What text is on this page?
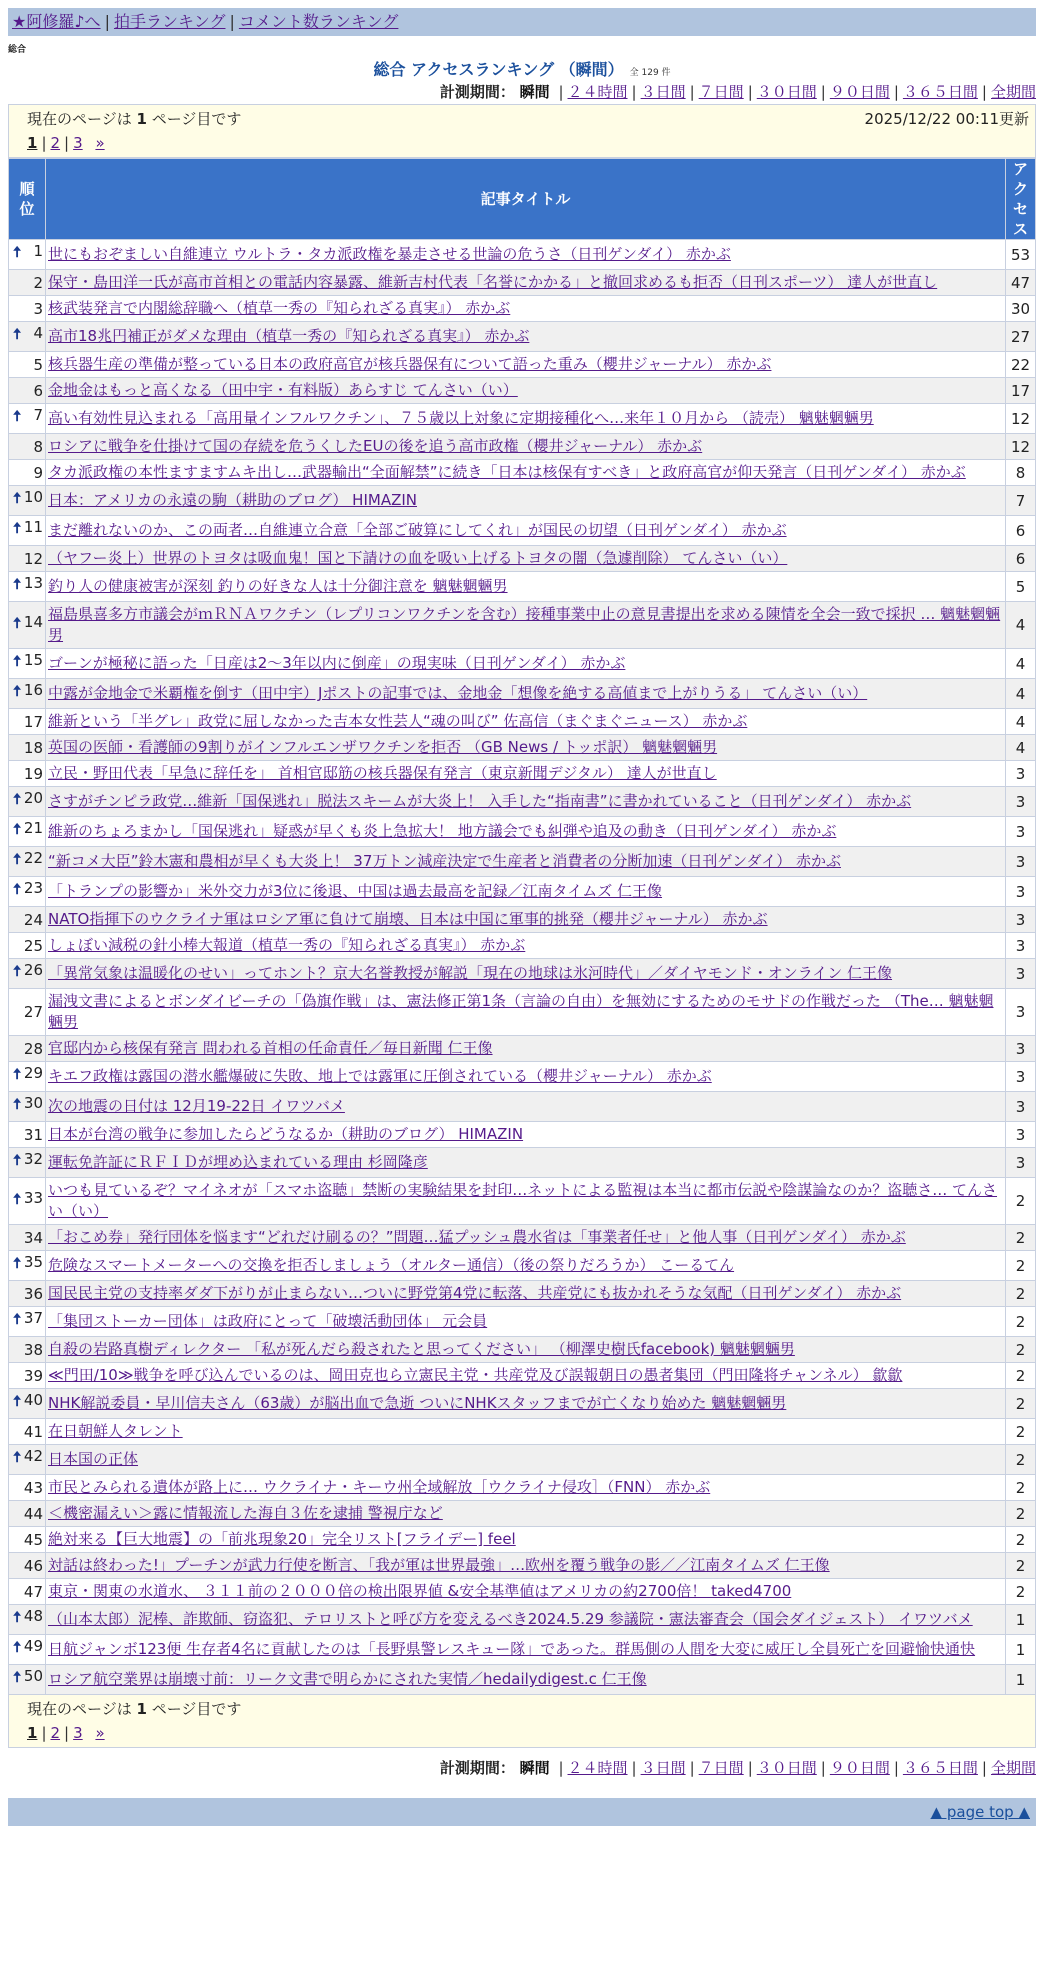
★阿修羅♪へ | 拍手ランキング | コメント数ランキング
総合
総合 アクセスランキング （瞬間） 全 129 件
計測期間： 瞬間 | ２４時間 | ３日間 | ７日間 | ３０日間 | ９０日間 | ３６５日間 | 全期間
現在のページは 1 ページ目です	2025/12/22 00:11更新
1 | 2 | 3 »
順位	記事タイトル	アクセス

🠅 1	世にもおぞましい自維連立 ウルトラ・タカ派政権を暴走させる世論の危うさ（日刊ゲンダイ） 赤かぶ	53
2	保守・島田洋一氏が高市首相との電話内容暴露、維新吉村代表「名誉にかかる」と撤回求めるも拒否（日刊スポーツ） 達人が世直し	47
3	核武装発言で内閣総辞職へ（植草一秀の『知られざる真実』） 赤かぶ	30

🠅 4	高市18兆円補正がダメな理由（植草一秀の『知られざる真実』） 赤かぶ	27
5	核兵器生産の準備が整っている日本の政府高官が核兵器保有について語った重み（櫻井ジャーナル） 赤かぶ	22
6	金地金はもっと高くなる（田中宇・有料版）あらすじ てんさい（い）	17

🠅 7	高い有効性見込まれる「高用量インフルワクチン」、７５歳以上対象に定期接種化へ…来年１０月から （読売） 魑魅魍魎男	12
8	ロシアに戦争を仕掛けて国の存続を危うくしたEUの後を追う高市政権（櫻井ジャーナル） 赤かぶ	12
9	タカ派政権の本性ますますムキ出し…武器輸出“全面解禁”に続き「日本は核保有すべき」と政府高官が仰天発言（日刊ゲンダイ） 赤かぶ	8

🠅 10	日本：アメリカの永遠の駒（耕助のブログ） HIMAZIN	7

🠅 11	まだ離れないのか、この両者…自維連立合意「全部ご破算にしてくれ」が国民の切望（日刊ゲンダイ） 赤かぶ	6
12	（ヤフー炎上）世界のトヨタは吸血鬼！国と下請けの血を吸い上げるトヨタの闇（急遽削除） てんさい（い）	6

🠅 13	釣り人の健康被害が深刻 釣りの好きな人は十分御注意を 魑魅魍魎男	5

🠅 14	福島県喜多方市議会がｍＲＮＡワクチン（レプリコンワクチンを含む）接種事業中止の意見書提出を求める陳情を全会一致で採択 … 魑魅魍魎男	4

🠅 15	ゴーンが極秘に語った「日産は2～3年以内に倒産」の現実味（日刊ゲンダイ） 赤かぶ	4

🠅 16	中露が金地金で米覇権を倒す（田中宇）Jポストの記事では、金地金「想像を絶する高値まで上がりうる」 てんさい（い）	4
17	維新という「半グレ」政党に屈しなかった吉本女性芸人“魂の叫び” 佐高信（まぐまぐニュース） 赤かぶ	4
18	英国の医師・看護師の9割りがインフルエンザワクチンを拒否 （GB News / トッポ訳） 魑魅魍魎男	4
19	立民・野田代表「早急に辞任を」 首相官邸筋の核兵器保有発言（東京新聞デジタル） 達人が世直し	3

🠅 20	さすがチンピラ政党…維新「国保逃れ」脱法スキームが大炎上！ 入手した“指南書”に書かれていること（日刊ゲンダイ） 赤かぶ	3

🠅 21	維新のちょろまかし「国保逃れ」疑惑が早くも炎上急拡大！ 地方議会でも糾弾や追及の動き（日刊ゲンダイ） 赤かぶ	3

🠅 22	“新コメ大臣”鈴木憲和農相が早くも大炎上！ 37万トン減産決定で生産者と消費者の分断加速（日刊ゲンダイ） 赤かぶ	3

🠅 23	「トランプの影響か」米外交力が3位に後退、中国は過去最高を記録／江南タイムズ 仁王像	3
24	NATO指揮下のウクライナ軍はロシア軍に負けて崩壊、日本は中国に軍事的挑発（櫻井ジャーナル） 赤かぶ	3
25	しょぼい減税の針小棒大報道（植草一秀の『知られざる真実』） 赤かぶ	3

🠅 26	「異常気象は温暖化のせい」ってホント？京大名誉教授が解説「現在の地球は氷河時代」／ダイヤモンド・オンライン 仁王像	3
27	漏洩文書によるとボンダイビーチの「偽旗作戦」は、憲法修正第1条（言論の自由）を無効にするためのモサドの作戦だった （The… 魑魅魍魎男	3
28	官邸内から核保有発言 問われる首相の任命責任／毎日新聞 仁王像	3

🠅 29	キエフ政権は露国の潜水艦爆破に失敗、地上では露軍に圧倒されている（櫻井ジャーナル） 赤かぶ	3

🠅 30	次の地震の日付は 12月19-22日 イワツバメ	3
31	日本が台湾の戦争に参加したらどうなるか（耕助のブログ） HIMAZIN	3

🠅 32	運転免許証にＲＦＩＤが埋め込まれている理由 杉岡隆彦	3

🠅 33	いつも見ているぞ？マイネオが「スマホ盗聴」禁断の実験結果を封印…ネットによる監視は本当に都市伝説や陰謀論なのか？盗聴さ… てんさい（い）	2
34	「おこめ券」発行団体を悩ます“どれだけ刷るの？”問題…猛プッシュ農水省は「事業者任せ」と他人事（日刊ゲンダイ） 赤かぶ	2

🠅 35	危険なスマートメーターへの交換を拒否しましょう（オルター通信）（後の祭りだろうか） こーるてん	2
36	国民民主党の支持率ダダ下がりが止まらない…ついに野党第4党に転落、共産党にも抜かれそうな気配（日刊ゲンダイ） 赤かぶ	2

🠅 37	「集団ストーカー団体」は政府にとって「破壊活動団体」 元会員	2
38	自殺の岩路真樹ディレクター 「私が死んだら殺されたと思ってください」 （柳澤史樹氏facebook) 魑魅魍魎男	2
39	≪門田/10≫戦争を呼び込んでいるのは、岡田克也ら立憲民主党・共産党及び誤報朝日の愚者集団（門田隆将チャンネル） 歙歙	2

🠅 40	NHK解説委員・早川信夫さん（63歳）が脳出血で急逝 ついにNHKスタッフまでが亡くなり始めた 魑魅魍魎男	2
41	在日朝鮮人タレント	2

🠅 42	日本国の正体	2
43	市民とみられる遺体が路上に… ウクライナ・キーウ州全域解放［ウクライナ侵攻］（FNN） 赤かぶ	2
44	＜機密漏えい＞露に情報流した海自３佐を逮捕 警視庁など	2
45	絶対来る【巨大地震】の「前兆現象20」完全リスト[フライデー] feel	2
46	対話は終わった!」プーチンが武力行使を断言、「我が軍は世界最強」…欧州を覆う戦争の影／／江南タイムズ 仁王像	2
47	東京・関東の水道水、 ３１１前の２０００倍の検出限界値 &安全基準値はアメリカの約2700倍！ taked4700	2

🠅 48	（山本太郎）泥棒、詐欺師、窃盗犯、テロリストと呼び方を変えるべき2024.5.29 参議院・憲法審査会（国会ダイジェスト） イワツバメ	1

🠅 49	日航ジャンボ123便 生存者4名に貢献したのは「長野県警レスキュー隊」であった。群馬側の人間を大変に威圧し全員死亡を回避愉快通快	1

🠅 50	ロシア航空業界は崩壊寸前：リーク文書で明らかにされた実情／hedailydigest.c 仁王像	1
現在のページは 1 ページ目です
1 | 2 | 3 »
計測期間： 瞬間 | ２４時間 | ３日間 | ７日間 | ３０日間 | ９０日間 | ３６５日間 | 全期間
▲ page top ▲
